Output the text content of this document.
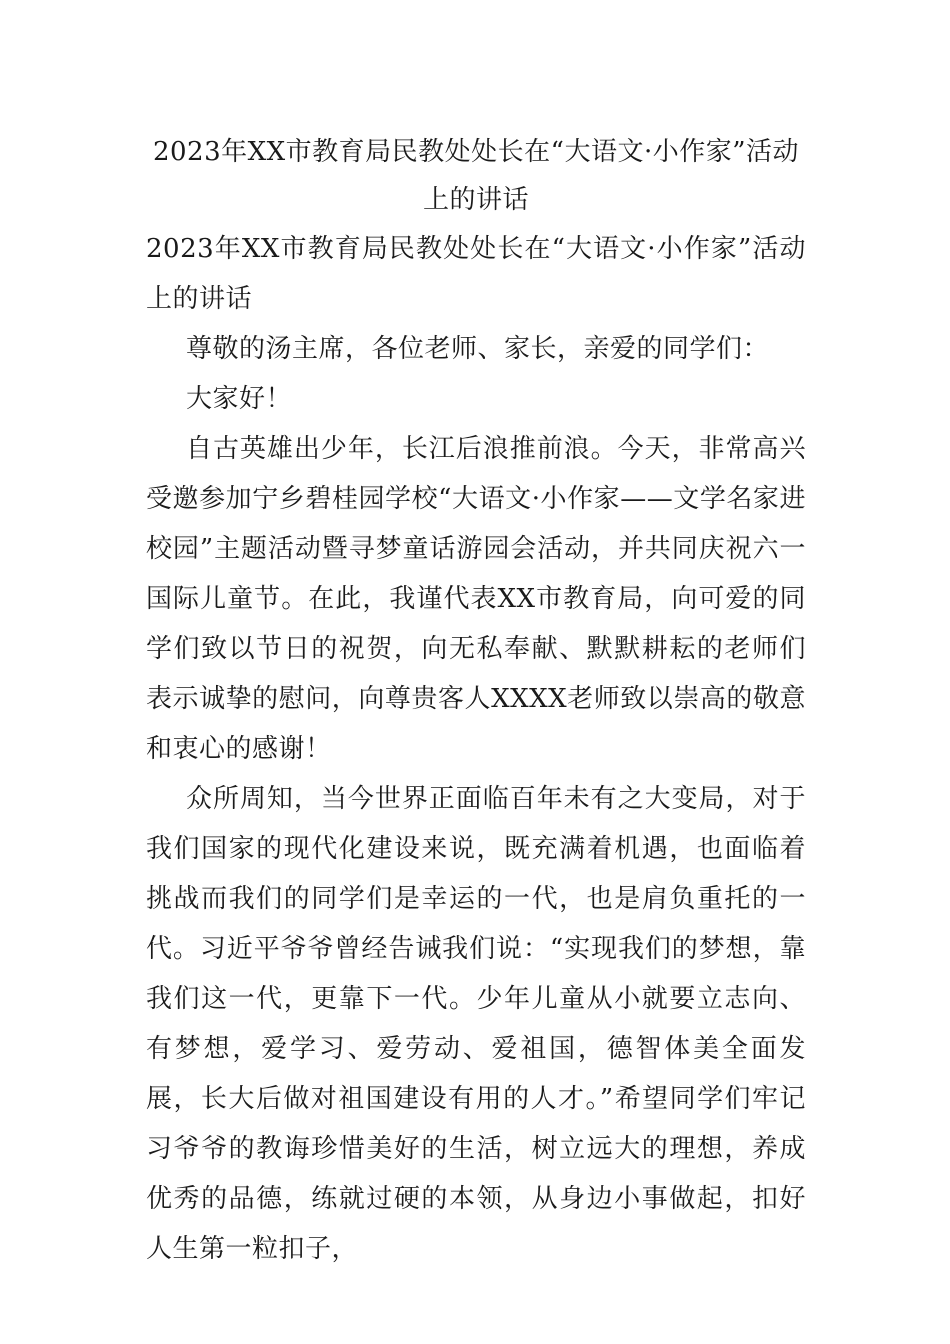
2023年XX市教育局民教处处长在“大语文·小作家”活动上的讲话
2023年XX市教育局民教处处长在“大语文·小作家”活动上的讲话

尊敬的汤主席，各位老师、家长，亲爱的同学们：

大家好！

自古英雄出少年，长江后浪推前浪。今天，非常高兴受邀参加宁乡碧桂园学校“大语文·小作家——文学名家进校园”主题活动暨寻梦童话游园会活动，并共同庆祝六一国际儿童节。在此，我谨代表XX市教育局，向可爱的同学们致以节日的祝贺，向无私奉献、默默耕耘的老师们表示诚挚的慰问，向尊贵客人XXXX老师致以崇高的敬意和衷心的感谢！

众所周知，当今世界正面临百年未有之大变局，对于我们国家的现代化建设来说，既充满着机遇，也面临着挑战而我们的同学们是幸运的一代，也是肩负重托的一代。习近平爷爷曾经告诫我们说：“实现我们的梦想，靠我们这一代，更靠下一代。少年儿童从小就要立志向、有梦想，爱学习、爱劳动、爱祖国，德智体美全面发展，长大后做对祖国建设有用的人才。”希望同学们牢记习爷爷的教诲珍惜美好的生活，树立远大的理想，养成优秀的品德，练就过硬的本领，从身边小事做起，扣好人生第一粒扣子，
